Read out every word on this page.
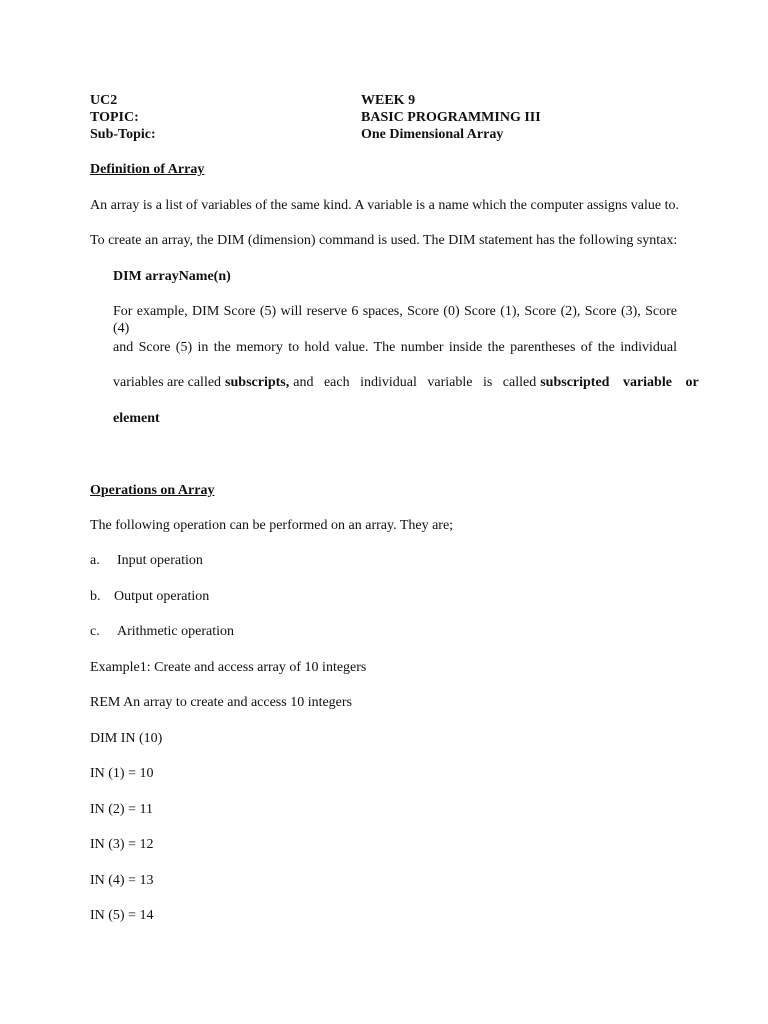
UC2	WEEK 9
TOPIC:	BASIC PROGRAMMING III
Sub-Topic:	One Dimensional Array
Definition of Array
An array is a list of variables of the same kind. A variable is a name which the computer assigns value to.
To create an array, the DIM (dimension) command is used. The DIM statement has the following syntax:
DIM arrayName(n)
For example, DIM Score (5) will reserve 6 spaces, Score (0) Score (1), Score (2), Score (3), Score (4)
and Score (5) in the memory to hold value. The number inside the parentheses of the individual
variables are called subscripts, and each individual variable is called subscripted variable or
element
Operations on Array
The following operation can be performed on an array. They are;
a. Input operation
b. Output operation
c. Arithmetic operation
Example1: Create and access array of 10 integers
REM An array to create and access 10 integers
DIM IN (10)
IN (1) = 10
IN (2) = 11
IN (3) = 12
IN (4) = 13
IN (5) = 14
